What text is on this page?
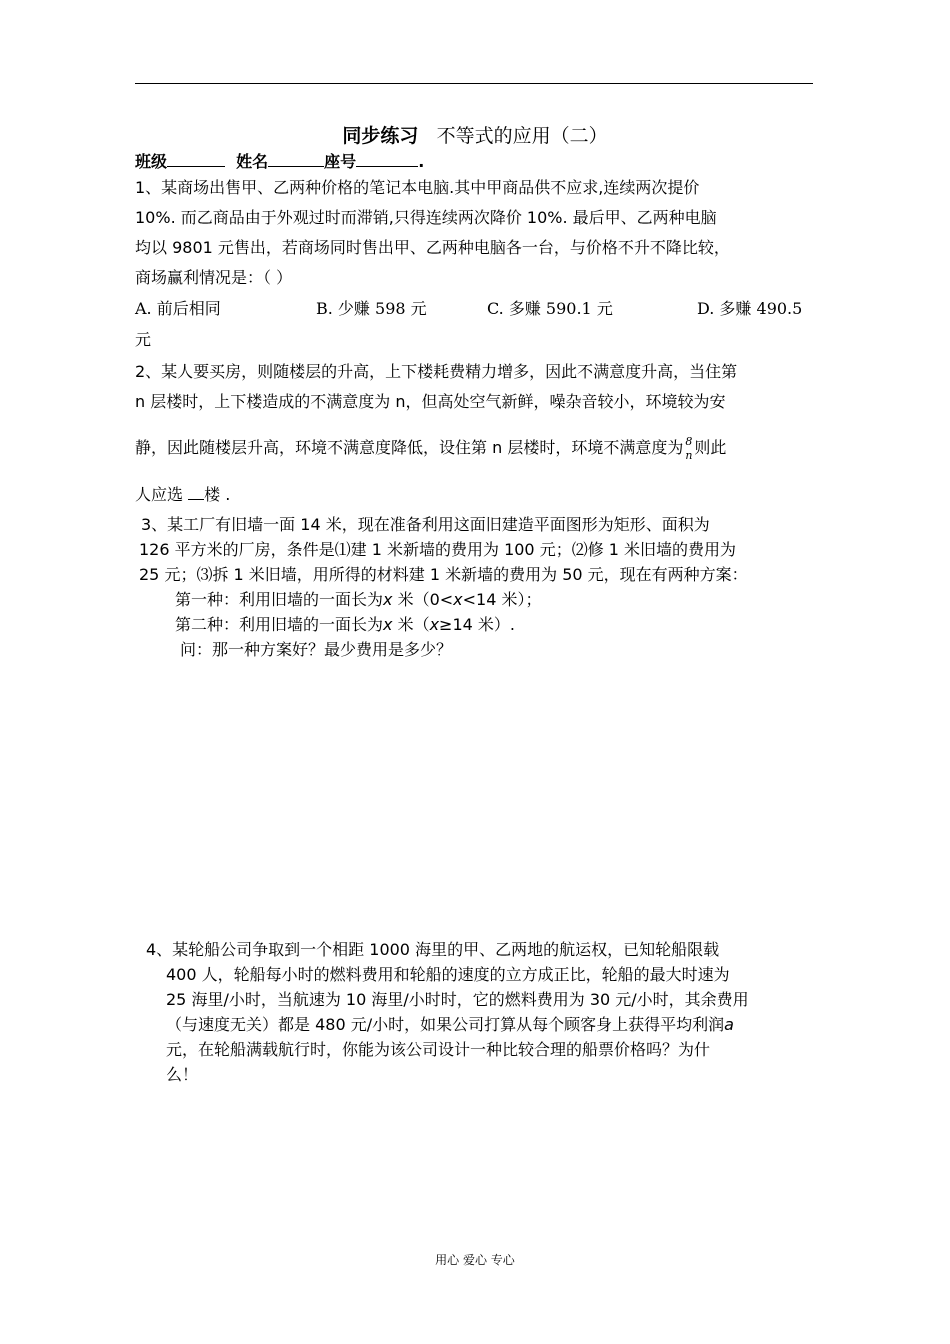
同步练习 不等式的应用（二）
班级	姓名	座号	.
1、某商场出售甲、乙两种价格的笔记本电脑.其中甲商品供不应求,连续两次提价
10%. 而乙商品由于外观过时而滞销,只得连续两次降价 10%. 最后甲、乙两种电脑
均以 9801 元售出，若商场同时售出甲、乙两种电脑各一台，与价格不升不降比较，
商场赢利情况是：（ ）
A. 前后相同	B. 少赚 598 元	C. 多赚 590.1 元	D. 多赚 490.5
元
2、某人要买房，则随楼层的升高，上下楼耗费精力增多，因此不满意度升高，当住第
n 层楼时，上下楼造成的不满意度为 n，但高处空气新鲜，噪杂音较小，环境较为安
静，因此随楼层升高，环境不满意度降低，设住第 n 层楼时，环境不满意度为 $\frac{8}{n}$ 则此
人应选 楼 .
3、某工厂有旧墙一面 14 米，现在准备利用这面旧建造平面图形为矩形、面积为
126 平方米的厂房，条件是⑴建 1 米新墙的费用为 100 元；⑵修 1 米旧墙的费用为
25 元；⑶拆 1 米旧墙，用所得的材料建 1 米新墙的费用为 50 元，现在有两种方案：
第一种：利用旧墙的一面长为x 米（0<x<14 米）；
第二种：利用旧墙的一面长为x 米（x≥14 米）.
问：那一种方案好？最少费用是多少？
4、某轮船公司争取到一个相距 1000 海里的甲、乙两地的航运权，已知轮船限载
400 人，轮船每小时的燃料费用和轮船的速度的立方成正比，轮船的最大时速为
25 海里/小时，当航速为 10 海里/小时时，它的燃料费用为 30 元/小时，其余费用
（与速度无关）都是 480 元/小时，如果公司打算从每个顾客身上获得平均利润a
元，在轮船满载航行时，你能为该公司设计一种比较合理的船票价格吗？为什
么！
用心 爱心 专心
